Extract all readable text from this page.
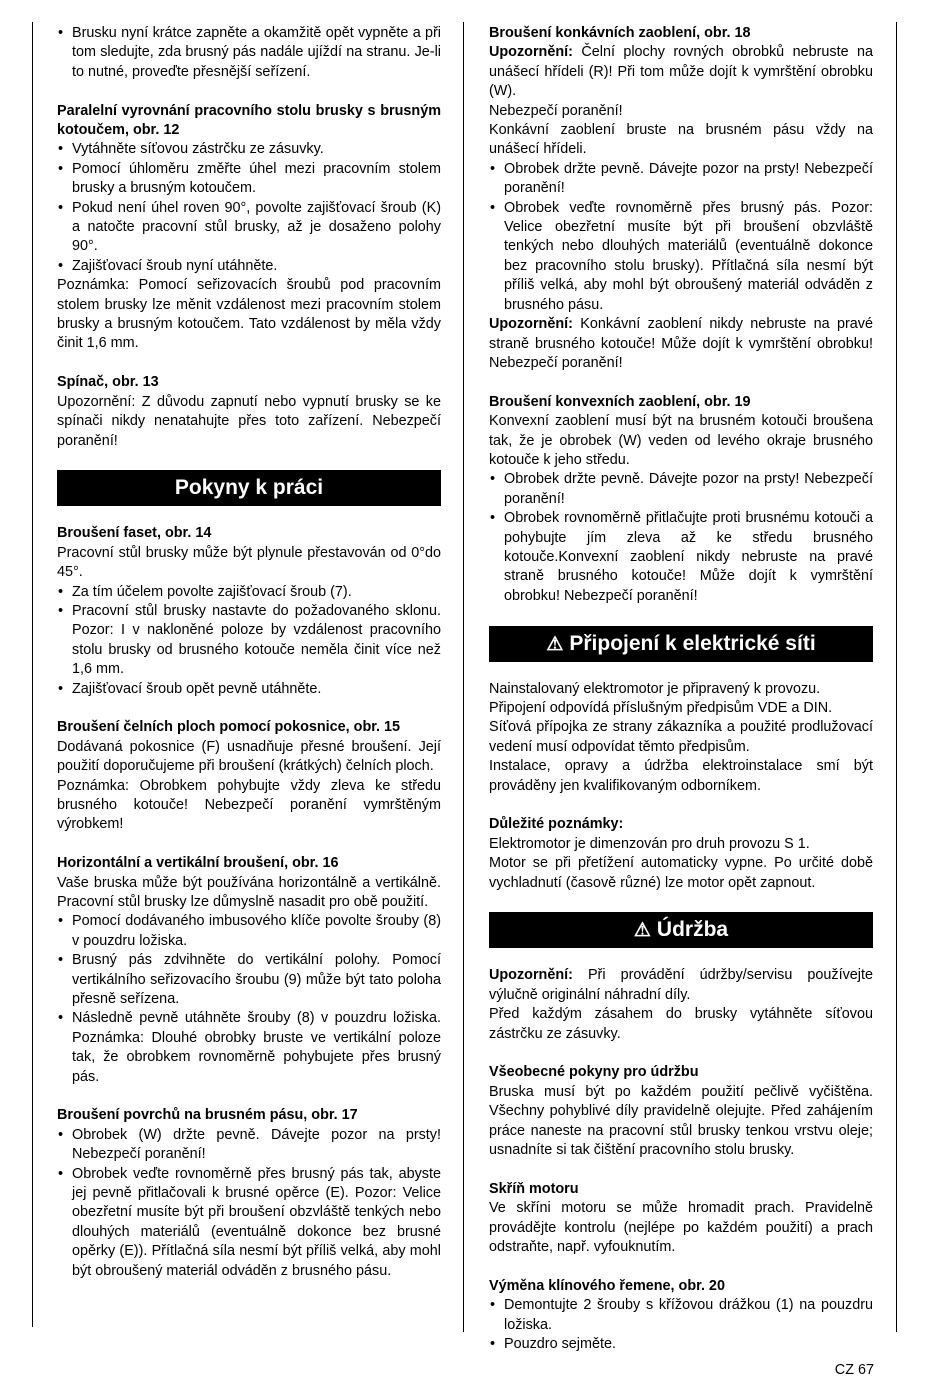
• Brusku nyní krátce zapněte a okamžitě opět vypněte a při tom sledujte, zda brusný pás nadále ujíždí na stranu. Je-li to nutné, proveďte přesnější seřízení.

Paralelní vyrovnání pracovního stolu brusky s brusným kotoučem, obr. 12

• Vytáhněte síťovou zástrčku ze zásuvky.
• Pomocí úhloměru změřte úhel mezi pracovním stolem brusky a brusným kotoučem.
• Pokud není úhel roven 90°, povolte zajišťovací šroub (K) a natočte pracovní stůl brusky, až je dosaženo polohy 90°.
• Zajišťovací šroub nyní utáhněte.

Poznámka: Pomocí seřizovacích šroubů pod pracovním stolem brusky lze měnit vzdálenost mezi pracovním stolem brusky a brusným kotoučem. Tato vzdálenost by měla vždy činit 1,6 mm.

Spínač, obr. 13

Upozornění: Z důvodu zapnutí nebo vypnutí brusky se ke spínači nikdy nenatahujte přes toto zařízení. Nebezpečí poranění!

Pokyny k práci

Broušení faset, obr. 14

Pracovní stůl brusky může být plynule přestavován od 0°do 45°.

• Za tím účelem povolte zajišťovací šroub (7).
• Pracovní stůl brusky nastavte do požadovaného sklonu. Pozor: I v nakloněné poloze by vzdálenost pracovního stolu brusky od brusného kotouče neměla činit více než 1,6 mm.
• Zajišťovací šroub opět pevně utáhněte.

Broušení čelních ploch pomocí pokosnice, obr. 15

Dodávaná pokosnice (F) usnadňuje přesné broušení. Její použití doporučujeme při broušení (krátkých) čelních ploch.

Poznámka: Obrobkem pohybujte vždy zleva ke středu brusného kotouče! Nebezpečí poranění vymrštěným výrobkem!

Horizontální a vertikální broušení, obr. 16

Vaše bruska může být používána horizontálně a vertikálně. Pracovní stůl brusky lze důmyslně nasadit pro obě použití.

• Pomocí dodávaného imbusového klíče povolte šrouby (8) v pouzdru ložiska.
• Brusný pás zdvihněte do vertikální polohy. Pomocí vertikálního seřizovacího šroubu (9) může být tato poloha přesně seřízena.
• Následně pevně utáhněte šrouby (8) v pouzdru ložiska. Poznámka: Dlouhé obrobky bruste ve vertikální poloze tak, že obrobkem rovnoměrně pohybujete přes brusný pás.

Broušení povrchů na brusném pásu, obr. 17

• Obrobek (W) držte pevně. Dávejte pozor na prsty! Nebezpečí poranění!
• Obrobek veďte rovnoměrně přes brusný pás tak, abyste jej pevně přitlačovali k brusné opěrce (E). Pozor: Velice obezřetní musíte být při broušení obzvláště tenkých nebo dlouhých materiálů (eventuálně dokonce bez brusné opěrky (E)). Přítlačná síla nesmí být příliš velká, aby mohl být obroušený materiál odváděn z brusného pásu.

Broušení konkávních zaoblení, obr. 18

Upozornění: Čelní plochy rovných obrobků nebruste na unášecí hřídeli (R)! Při tom může dojít k vymrštění obrobku (W).

Nebezpečí poranění!

Konkávní zaoblení bruste na brusném pásu vždy na unášecí hřídeli.

• Obrobek držte pevně. Dávejte pozor na prsty! Nebezpečí poranění!
• Obrobek veďte rovnoměrně přes brusný pás. Pozor: Velice obezřetní musíte být při broušení obzvláště tenkých nebo dlouhých materiálů (eventuálně dokonce bez pracovního stolu brusky). Přítlačná síla nesmí být příliš velká, aby mohl být obroušený materiál odváděn z brusného pásu.

Upozornění: Konkávní zaoblení nikdy nebruste na pravé straně brusného kotouče! Může dojít k vymrštění obrobku! Nebezpečí poranění!

Broušení konvexních zaoblení, obr. 19

Konvexní zaoblení musí být na brusném kotouči broušena tak, že je obrobek (W) veden od levého okraje brusného kotouče k jeho středu.

• Obrobek držte pevně. Dávejte pozor na prsty! Nebezpečí poranění!
• Obrobek rovnoměrně přitlačujte proti brusnému kotouči a pohybujte jím zleva až ke středu brusného kotouče.Konvexní zaoblení nikdy nebruste na pravé straně brusného kotouče! Může dojít k vymrštění obrobku! Nebezpečí poranění!
⚠ Připojení k elektrické síti

Nainstalovaný elektromotor je připravený k provozu.

Připojení odpovídá příslušným předpisům VDE a DIN.

Síťová přípojka ze strany zákazníka a použité prodlužovací vedení musí odpovídat těmto předpisům.

Instalace, opravy a údržba elektroinstalace smí být prováděny jen kvalifikovaným odborníkem.

Důležité poznámky:

Elektromotor je dimenzován pro druh provozu S 1.

Motor se při přetížení automaticky vypne. Po určité době vychladnutí (časově různé) lze motor opět zapnout.

⚠ Údržba

Upozornění: Při provádění údržby/servisu používejte výlučně originální náhradní díly.

Před každým zásahem do brusky vytáhněte síťovou zástrčku ze zásuvky.

Všeobecné pokyny pro údržbu

Bruska musí být po každém použití pečlivě vyčištěna. Všechny pohyblivé díly pravidelně olejujte. Před zahájením práce naneste na pracovní stůl brusky tenkou vrstvu oleje; usnadníte si tak čištění pracovního stolu brusky.

Skříň motoru

Ve skříni motoru se může hromadit prach. Pravidelně provádějte kontrolu (nejlépe po každém použití) a prach odstraňte, např. vyfouknutím.

Výměna klínového řemene, obr. 20

• Demontujte 2 šrouby s křížovou drážkou (1) na pouzdru ložiska.
• Pouzdro sejměte.
CZ 67
